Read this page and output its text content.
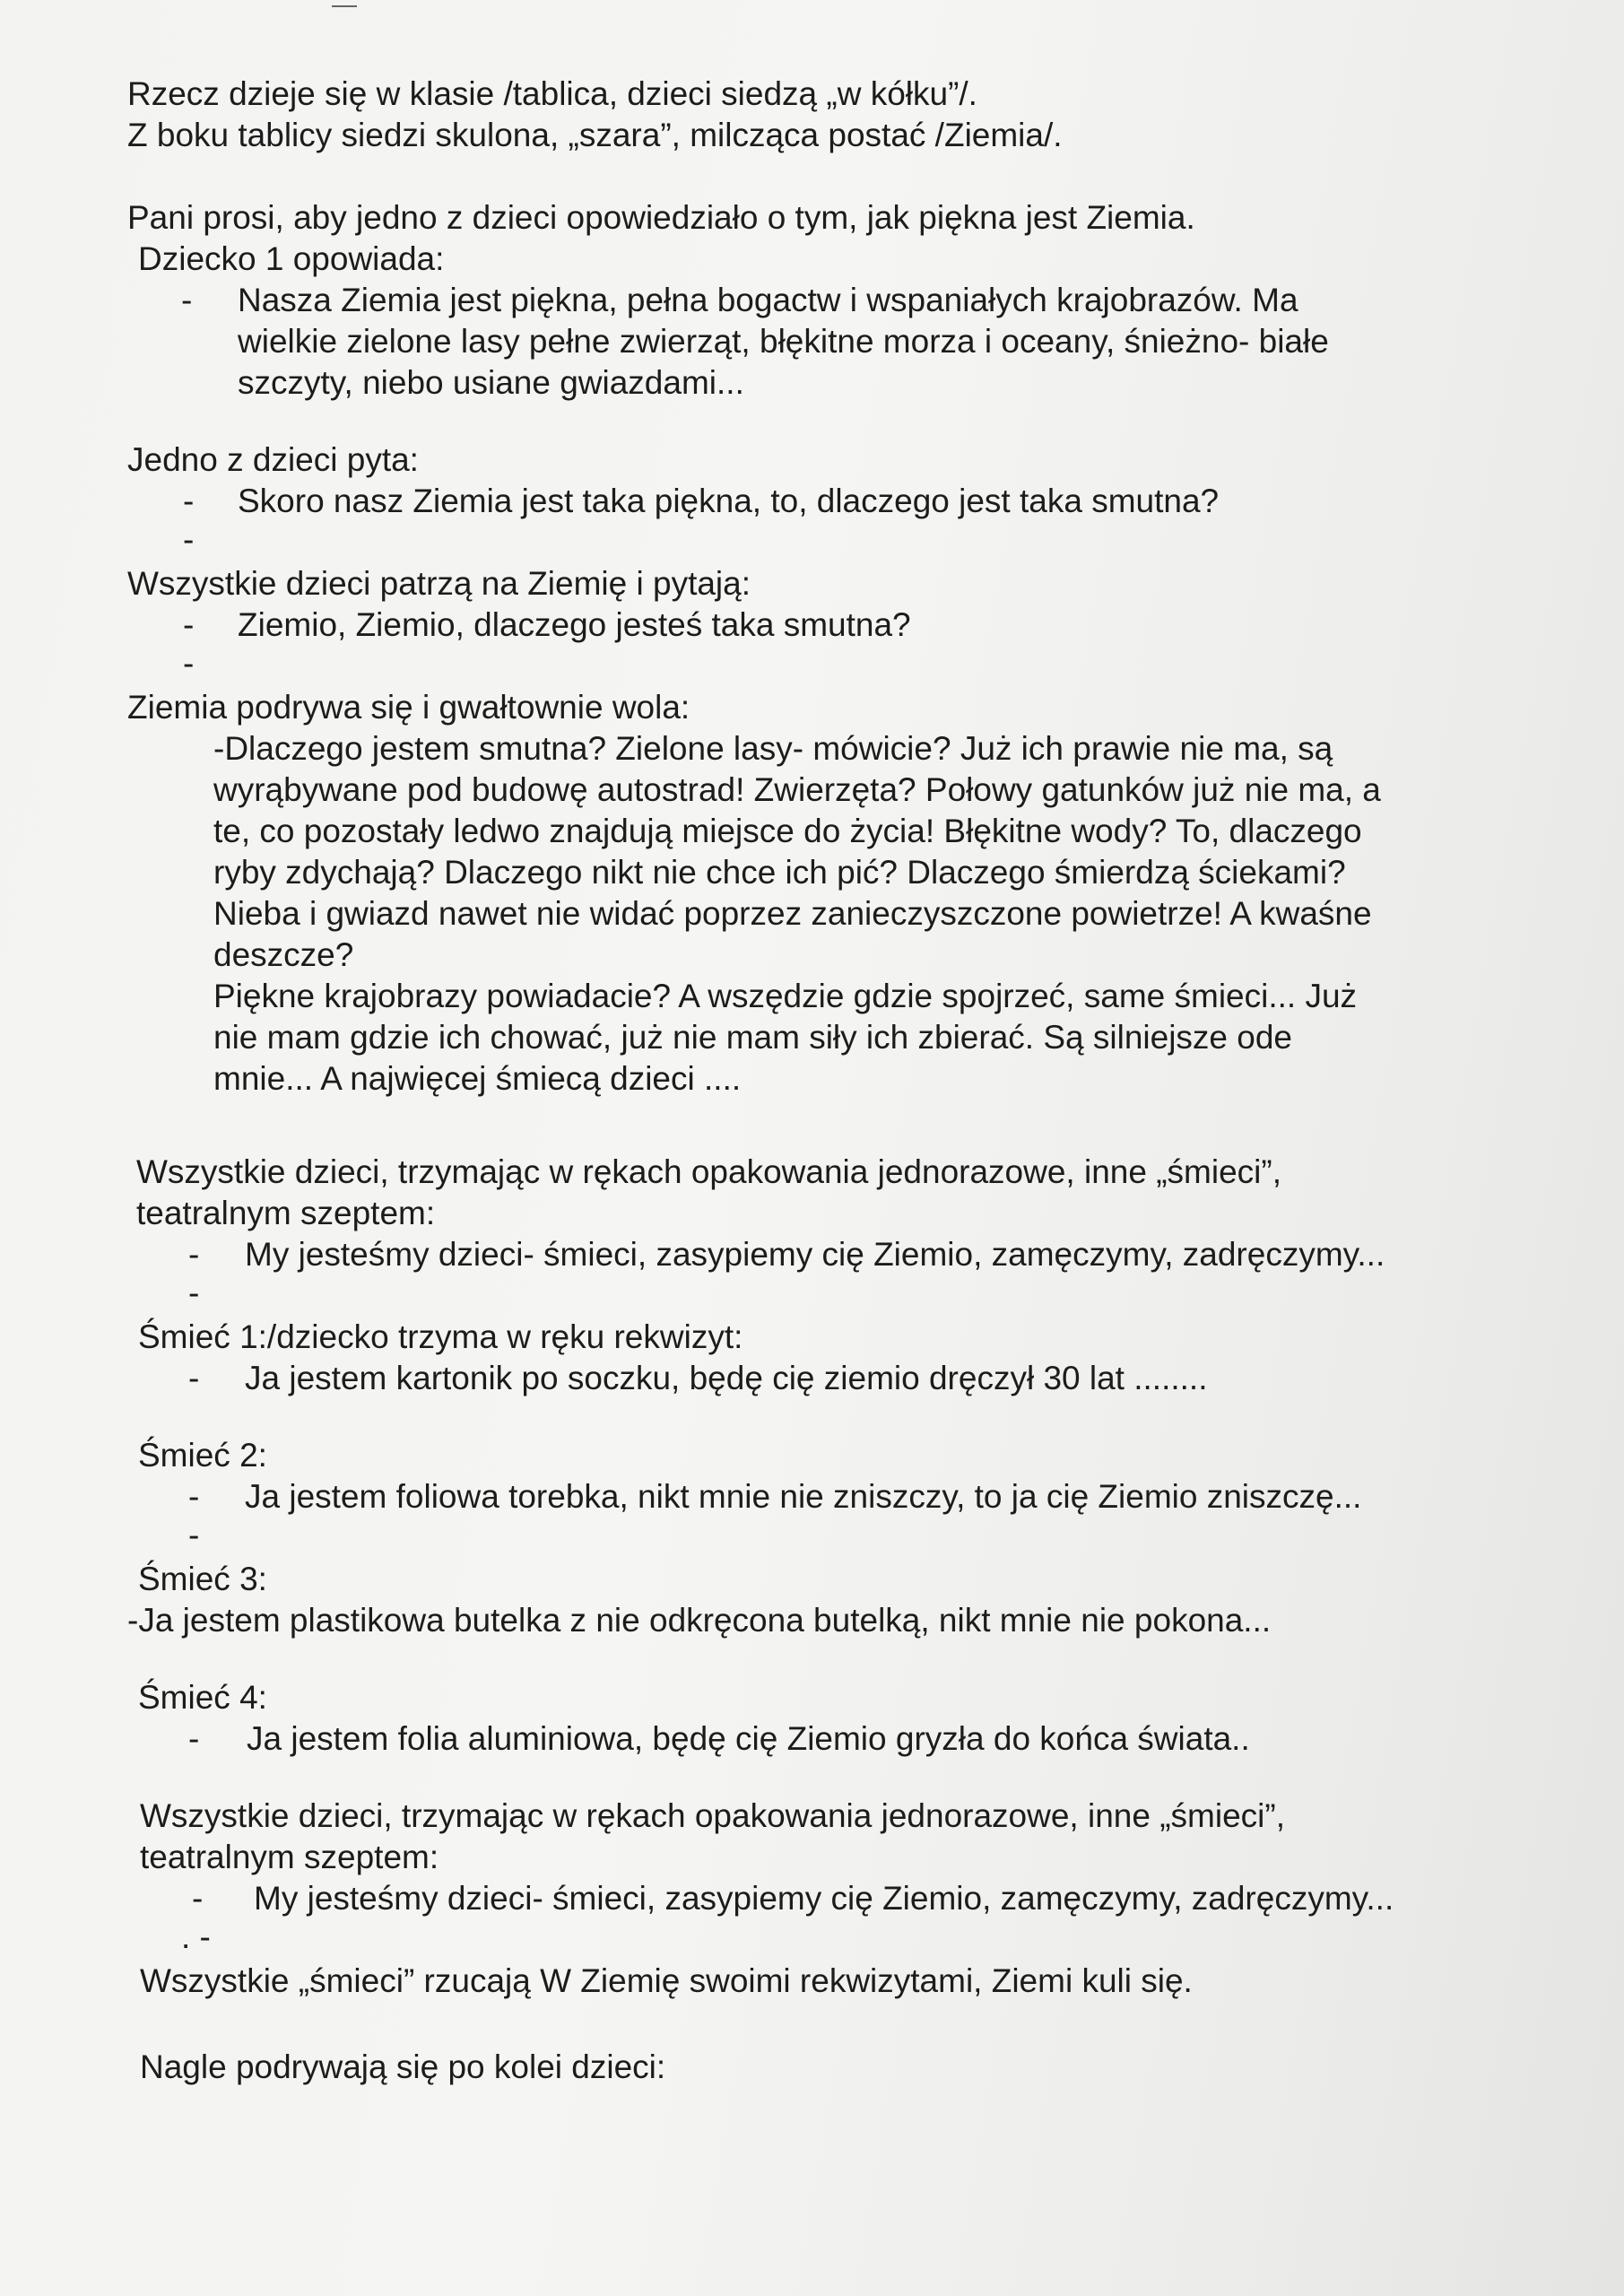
Rzecz dzieje się w klasie /tablica, dzieci siedzą „w kółku”/.

Z boku tablicy siedzi skulona, „szara”, milcząca postać /Ziemia/.

Pani prosi, aby jedno z dzieci opowiedziało o tym, jak piękna jest Ziemia.

Dziecko 1 opowiada:

- Nasza Ziemia jest piękna, pełna bogactw i wspaniałych krajobrazów. Ma
wielkie zielone lasy pełne zwierząt, błękitne morza i oceany, śnieżno- białe
szczyty, niebo usiane gwiazdami...

Jedno z dzieci pyta:

- Skoro nasz Ziemia jest taka piękna, to, dlaczego jest taka smutna?
-

Wszystkie dzieci patrzą na Ziemię i pytają:

- Ziemio, Ziemio, dlaczego jesteś taka smutna?
-

Ziemia podrywa się i gwałtownie wola:

-Dlaczego jestem smutna? Zielone lasy- mówicie? Już ich prawie nie ma, są

wyrąbywane pod budowę autostrad! Zwierzęta? Połowy gatunków już nie ma, a

te, co pozostały ledwo znajdują miejsce do życia! Błękitne wody? To, dlaczego

ryby zdychają? Dlaczego nikt nie chce ich pić? Dlaczego śmierdzą ściekami?

Nieba i gwiazd nawet nie widać poprzez zanieczyszczone powietrze! A kwaśne

deszcze?

Piękne krajobrazy powiadacie? A wszędzie gdzie spojrzeć, same śmieci... Już

nie mam gdzie ich chować, już nie mam siły ich zbierać. Są silniejsze ode

mnie... A najwięcej śmiecą dzieci ....

Wszystkie dzieci, trzymając w rękach opakowania jednorazowe, inne „śmieci”,

teatralnym szeptem:

- My jesteśmy dzieci- śmieci, zasypiemy cię Ziemio, zamęczymy, zadręczymy...
-

Śmieć 1:/dziecko trzyma w ręku rekwizyt:

- Ja jestem kartonik po soczku, będę cię ziemio dręczył 30 lat ........

Śmieć 2:

- Ja jestem foliowa torebka, nikt mnie nie zniszczy, to ja cię Ziemio zniszczę...
-

Śmieć 3:

-Ja jestem plastikowa butelka z nie odkręcona butelką, nikt mnie nie pokona...

Śmieć 4:

- Ja jestem folia aluminiowa, będę cię Ziemio gryzła do końca świata..

Wszystkie dzieci, trzymając w rękach opakowania jednorazowe, inne „śmieci”,

teatralnym szeptem:

-	My jesteśmy dzieci- śmieci, zasypiemy cię Ziemio, zamęczymy, zadręczymy...
. -

Wszystkie „śmieci” rzucają W Ziemię swoimi rekwizytami, Ziemi kuli się.

Nagle podrywają się po kolei dzieci:
